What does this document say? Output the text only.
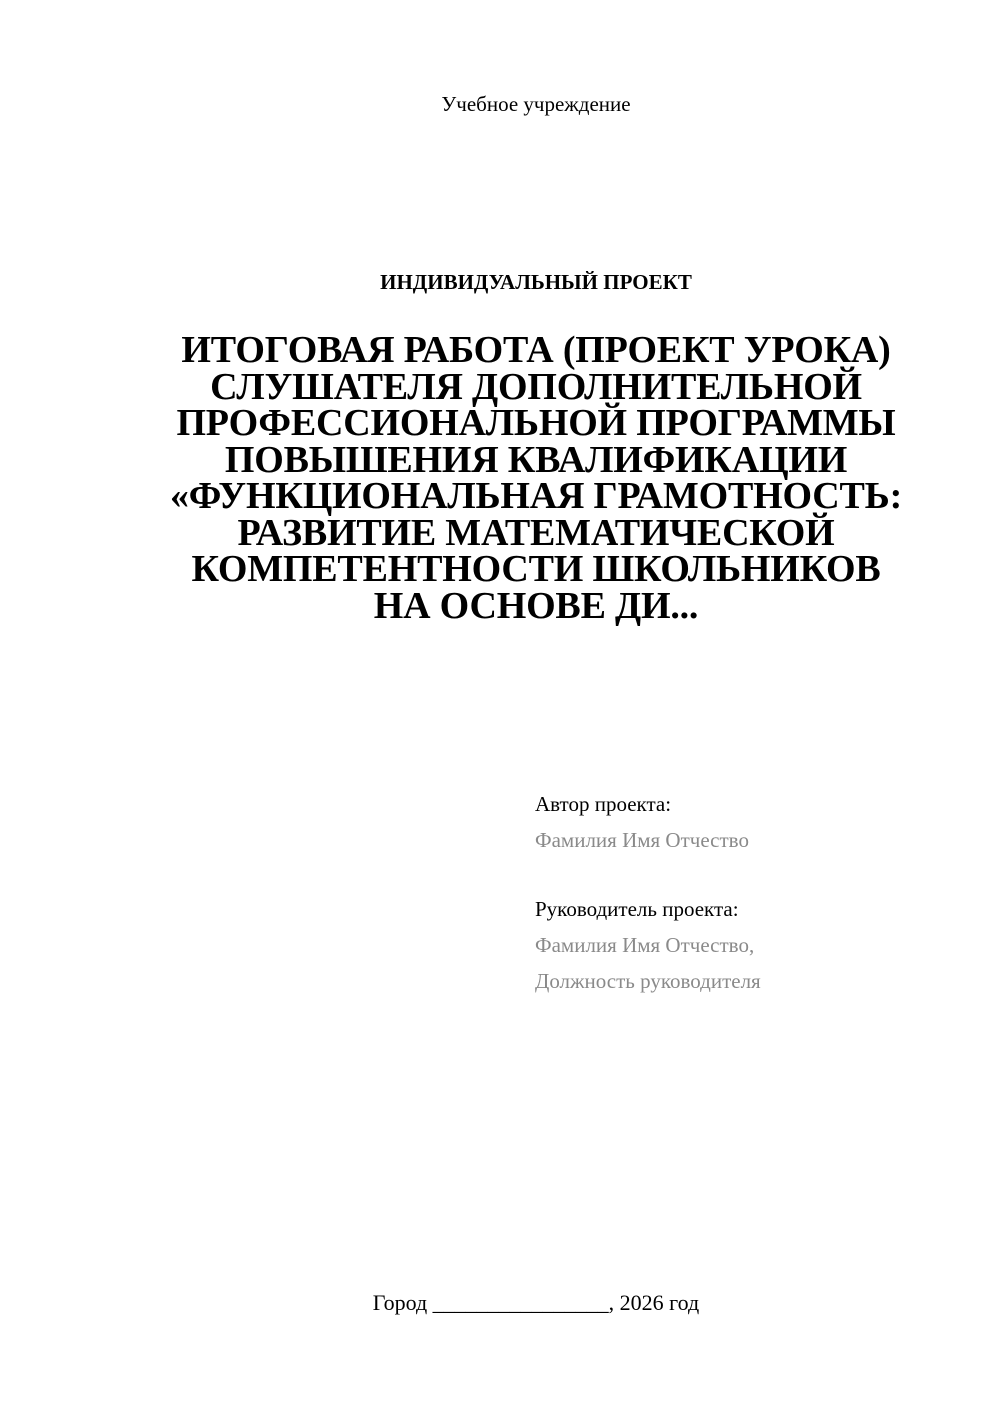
Учебное учреждение
ИНДИВИДУАЛЬНЫЙ ПРОЕКТ
ИТОГОВАЯ РАБОТА (ПРОЕКТ УРОКА)
СЛУШАТЕЛЯ ДОПОЛНИТЕЛЬНОЙ
ПРОФЕССИОНАЛЬНОЙ ПРОГРАММЫ
ПОВЫШЕНИЯ КВАЛИФИКАЦИИ
«ФУНКЦИОНАЛЬНАЯ ГРАМОТНОСТЬ:
РАЗВИТИЕ МАТЕМАТИЧЕСКОЙ
КОМПЕТЕНТНОСТИ ШКОЛЬНИКОВ
НА ОСНОВЕ ДИ...
Автор проекта:
Фамилия Имя Отчество
Руководитель проекта:
Фамилия Имя Отчество,
Должность руководителя
Город ________________, 2026 год
